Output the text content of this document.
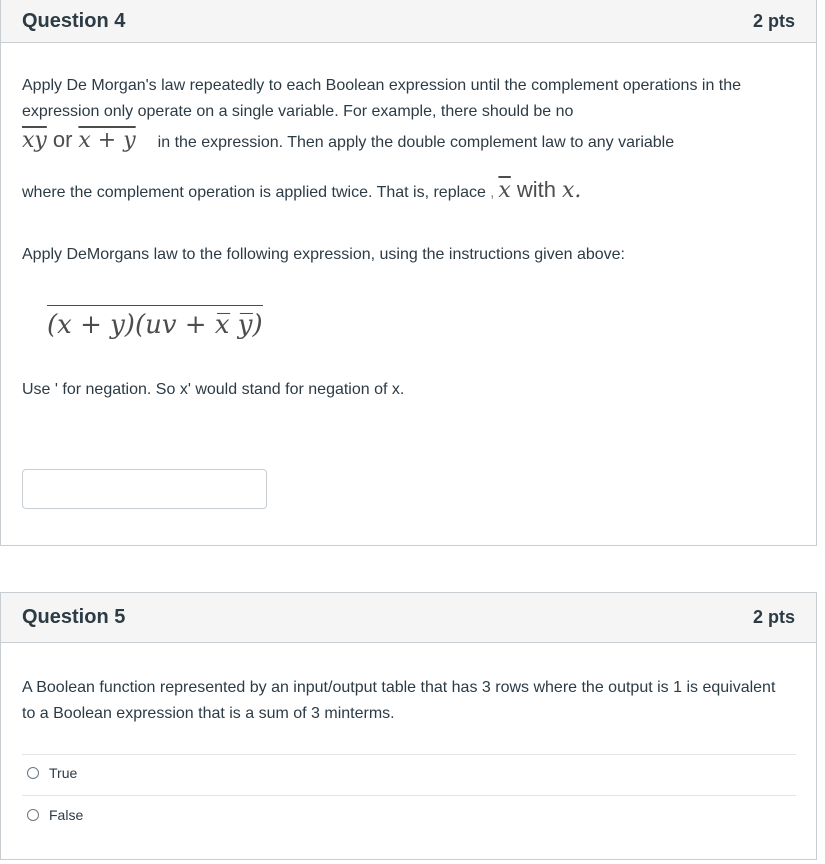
Question 4	2 pts
Apply De Morgan's law repeatedly to each Boolean expression until the complement operations in the expression only operate on a single variable. For example, there should be no
$\overline{xy}$ or x + y in the expression. Then apply the double complement law to any variable
where the complement operation is applied twice. That is, replace , $\overline{x}$ with x.
Apply DeMorgans law to the following expression, using the instructions given above:
(x + y)(uv + x̅ y̅)
Use ' for negation. So x' would stand for negation of x.
Question 5	2 pts
A Boolean function represented by an input/output table that has 3 rows where the output is 1 is equivalent to a Boolean expression that is a sum of 3 minterms.
True
False
